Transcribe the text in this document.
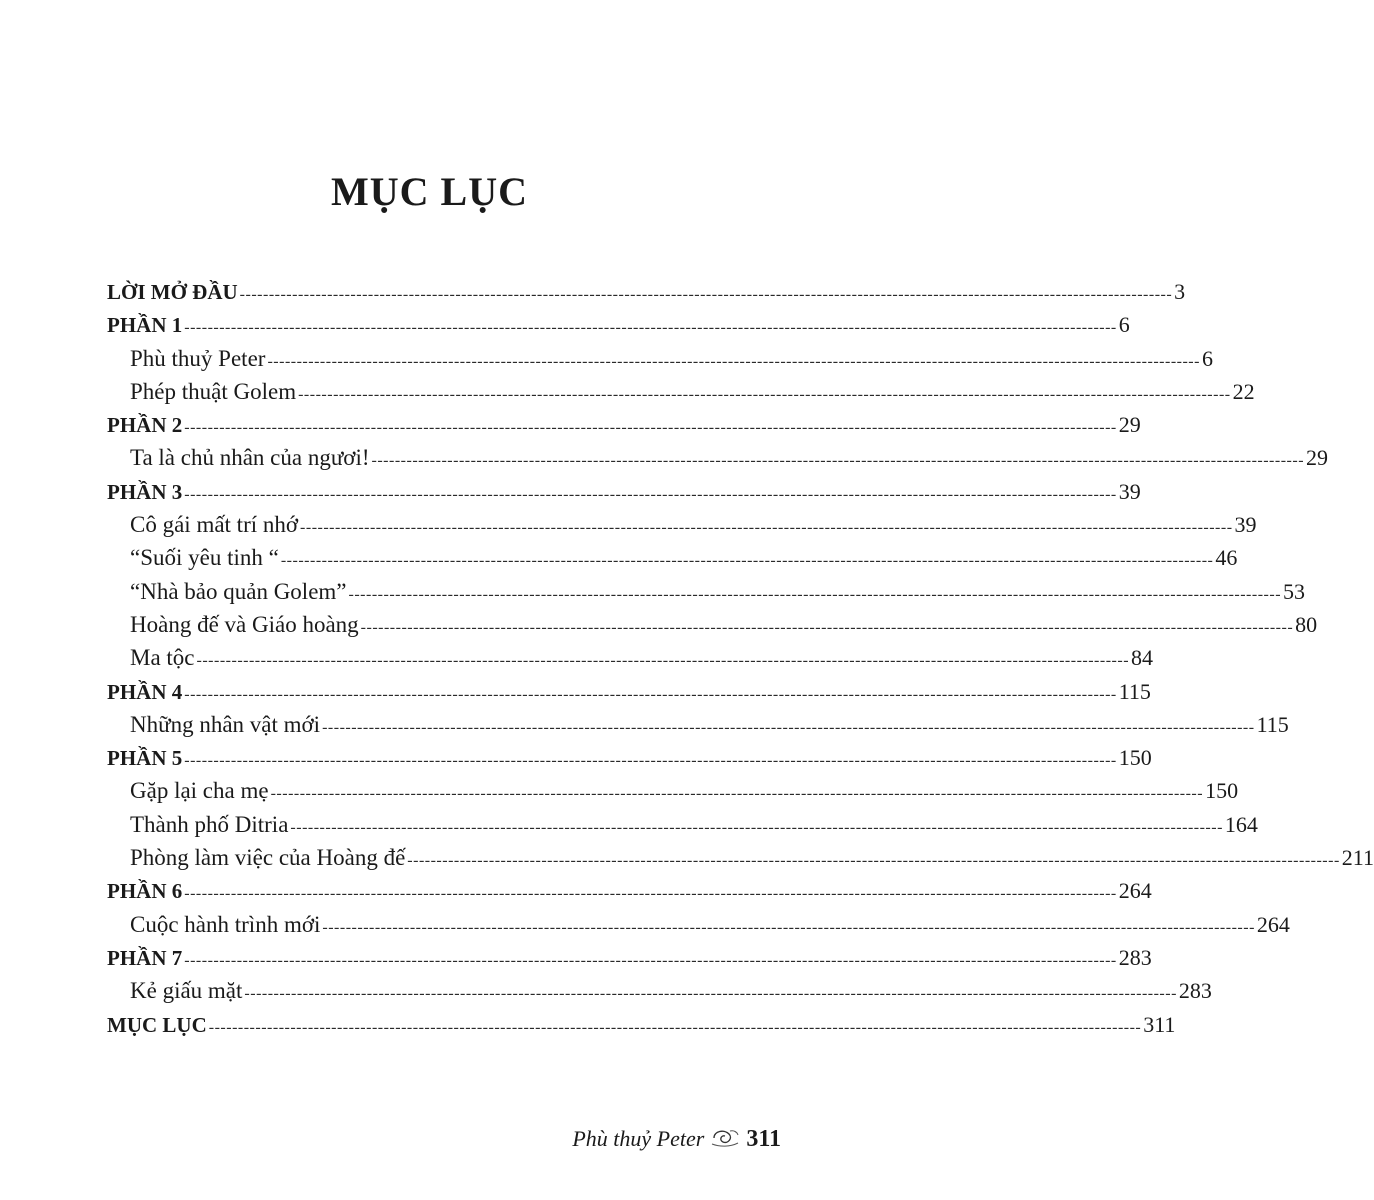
MỤC LỤC
LỜI MỞ ĐẦU ---------------------------------------------------------------------------------------------------------------------------------------------------------------- 3
PHẦN 1 ---------------------------------------------------------------------------------------------------------------------------------------------------------------- 6
Phù thuỷ Peter ---------------------------------------------------------------------------------------------------------------------------------------------------------------- 6
Phép thuật Golem ---------------------------------------------------------------------------------------------------------------------------------------------------------------- 22
PHẦN 2 ---------------------------------------------------------------------------------------------------------------------------------------------------------------- 29
Ta là chủ nhân của ngươi! ---------------------------------------------------------------------------------------------------------------------------------------------------------------- 29
PHẦN 3 ---------------------------------------------------------------------------------------------------------------------------------------------------------------- 39
Cô gái mất trí nhớ ---------------------------------------------------------------------------------------------------------------------------------------------------------------- 39
“Suối yêu tinh “ ---------------------------------------------------------------------------------------------------------------------------------------------------------------- 46
“Nhà bảo quản Golem” ---------------------------------------------------------------------------------------------------------------------------------------------------------------- 53
Hoàng đế và Giáo hoàng ---------------------------------------------------------------------------------------------------------------------------------------------------------------- 80
Ma tộc ---------------------------------------------------------------------------------------------------------------------------------------------------------------- 84
PHẦN 4 ---------------------------------------------------------------------------------------------------------------------------------------------------------------- 115
Những nhân vật mới ---------------------------------------------------------------------------------------------------------------------------------------------------------------- 115
PHẦN 5 ---------------------------------------------------------------------------------------------------------------------------------------------------------------- 150
Gặp lại cha mẹ ---------------------------------------------------------------------------------------------------------------------------------------------------------------- 150
Thành phố Ditria ---------------------------------------------------------------------------------------------------------------------------------------------------------------- 164
Phòng làm việc của Hoàng đế ---------------------------------------------------------------------------------------------------------------------------------------------------------------- 211
PHẦN 6 ---------------------------------------------------------------------------------------------------------------------------------------------------------------- 264
Cuộc hành trình mới ---------------------------------------------------------------------------------------------------------------------------------------------------------------- 264
PHẦN 7 ---------------------------------------------------------------------------------------------------------------------------------------------------------------- 283
Kẻ giấu mặt ---------------------------------------------------------------------------------------------------------------------------------------------------------------- 283
MỤC LỤC ---------------------------------------------------------------------------------------------------------------------------------------------------------------- 311
Phù thuỷ Peter 311
